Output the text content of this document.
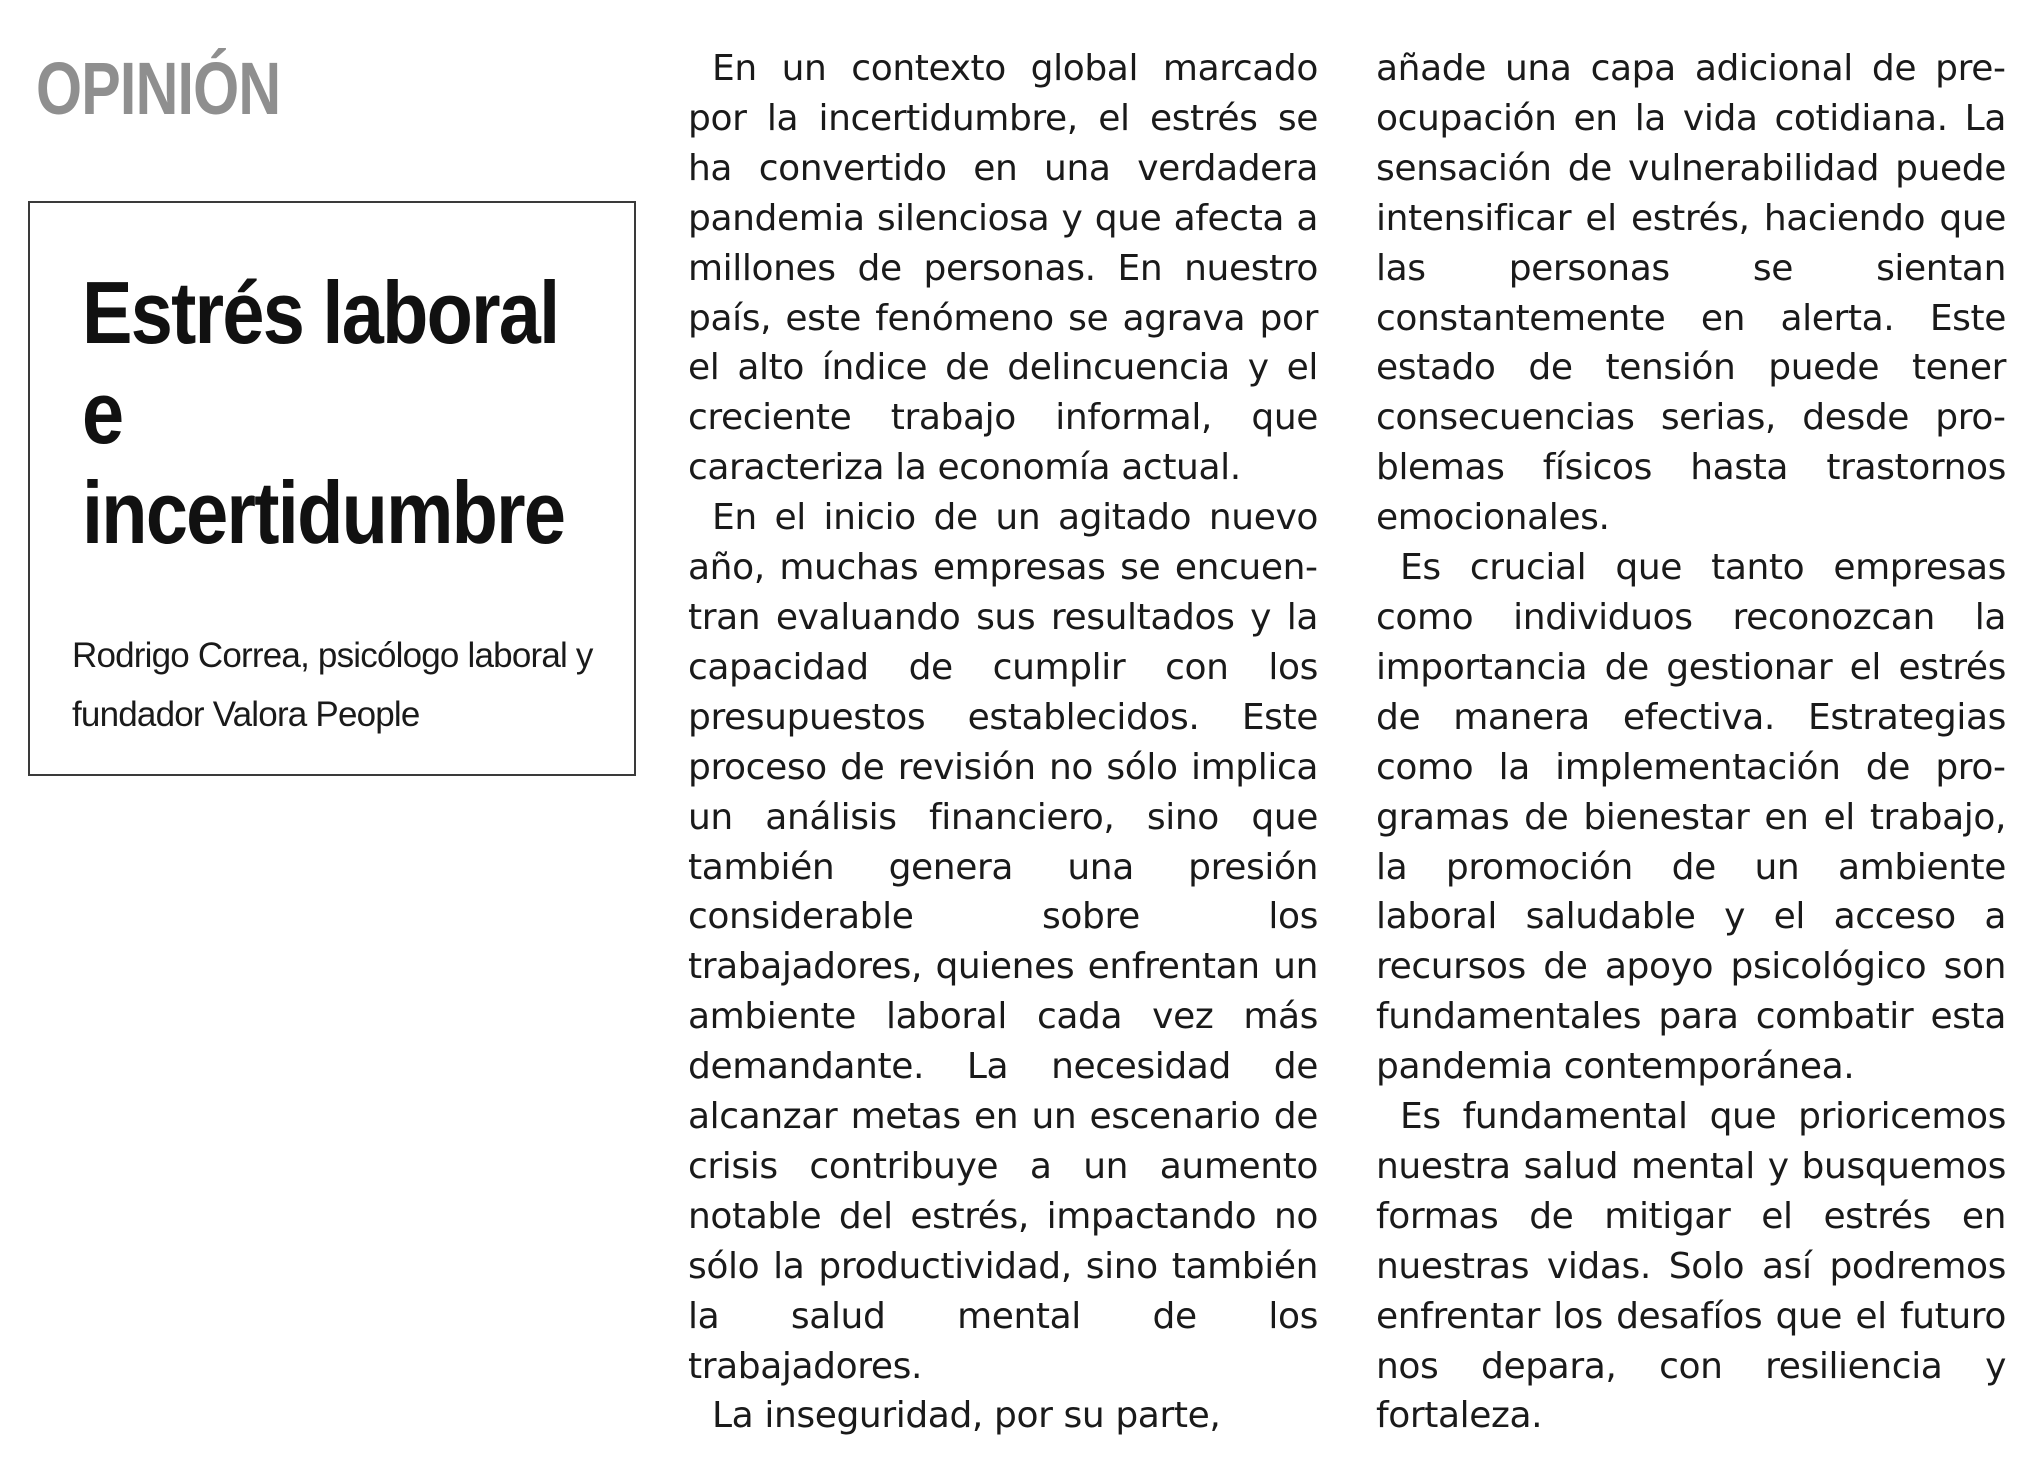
OPINIÓN
Estrés laboral e incertidumbre

Rodrigo Correa, psicólogo laboral y fundador Valora People

En un contexto global marcado por la incertidumbre, el estrés se ha convertido en una verdadera pandemia silenciosa y que afecta a millones de personas. En nuestro país, este fenómeno se agrava por el alto índice de delincuencia y el creciente trabajo informal, que caracteriza la economía actual.

En el inicio de un agitado nuevo año, muchas empresas se encuentran evaluando sus resultados y la capacidad de cumplir con los presupuestos establecidos. Este proceso de revisión no sólo implica un análisis financiero, sino que también genera una presión considerable sobre los trabajadores, quienes enfrentan un ambiente laboral cada vez más demandante. La necesidad de alcanzar metas en un escenario de crisis contribuye a un aumento notable del estrés, impactando no sólo la productividad, sino también la salud mental de los trabajadores.

La inseguridad, por su parte,

añade una capa adicional de preocupación en la vida cotidiana. La sensación de vulnerabilidad puede intensificar el estrés, haciendo que las personas se sientan constantemente en alerta. Este estado de tensión puede tener consecuencias serias, desde problemas físicos hasta trastornos emocionales.

Es crucial que tanto empresas como individuos reconozcan la importancia de gestionar el estrés de manera efectiva. Estrategias como la implementación de programas de bienestar en el trabajo, la promoción de un ambiente laboral saludable y el acceso a recursos de apoyo psicológico son fundamentales para combatir esta pandemia contemporánea.

Es fundamental que prioricemos nuestra salud mental y busquemos formas de mitigar el estrés en nuestras vidas. Solo así podremos enfrentar los desafíos que el futuro nos depara, con resiliencia y fortaleza.
